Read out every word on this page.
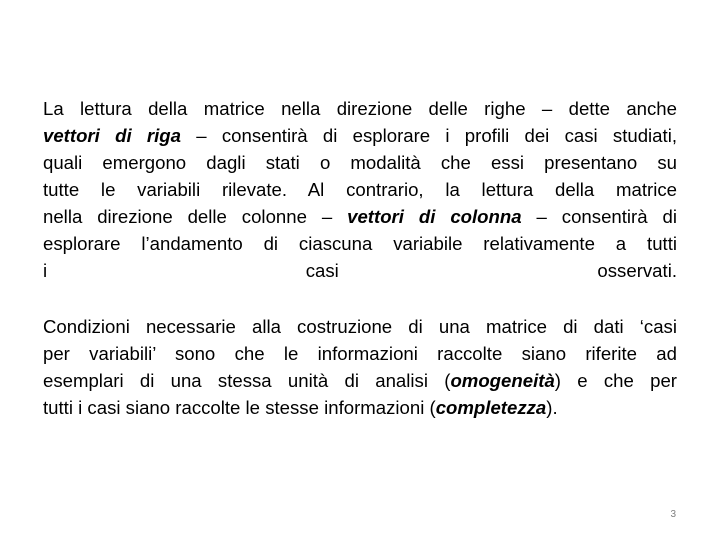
La lettura della matrice nella direzione delle righe – dette anche
vettori di riga – consentirà di esplorare i profili dei casi studiati,
quali emergono dagli stati o modalità che essi presentano su
tutte le variabili rilevate. Al contrario, la lettura della matrice
nella direzione delle colonne – vettori di colonna – consentirà di
esplorare l’andamento di ciascuna variabile relativamente a tutti
i casi osservati.

Condizioni necessarie alla costruzione di una matrice di dati ‘casi
per variabili’ sono che le informazioni raccolte siano riferite ad
esemplari di una stessa unità di analisi (omogeneità) e che per
tutti i casi siano raccolte le stesse informazioni (completezza).

3
